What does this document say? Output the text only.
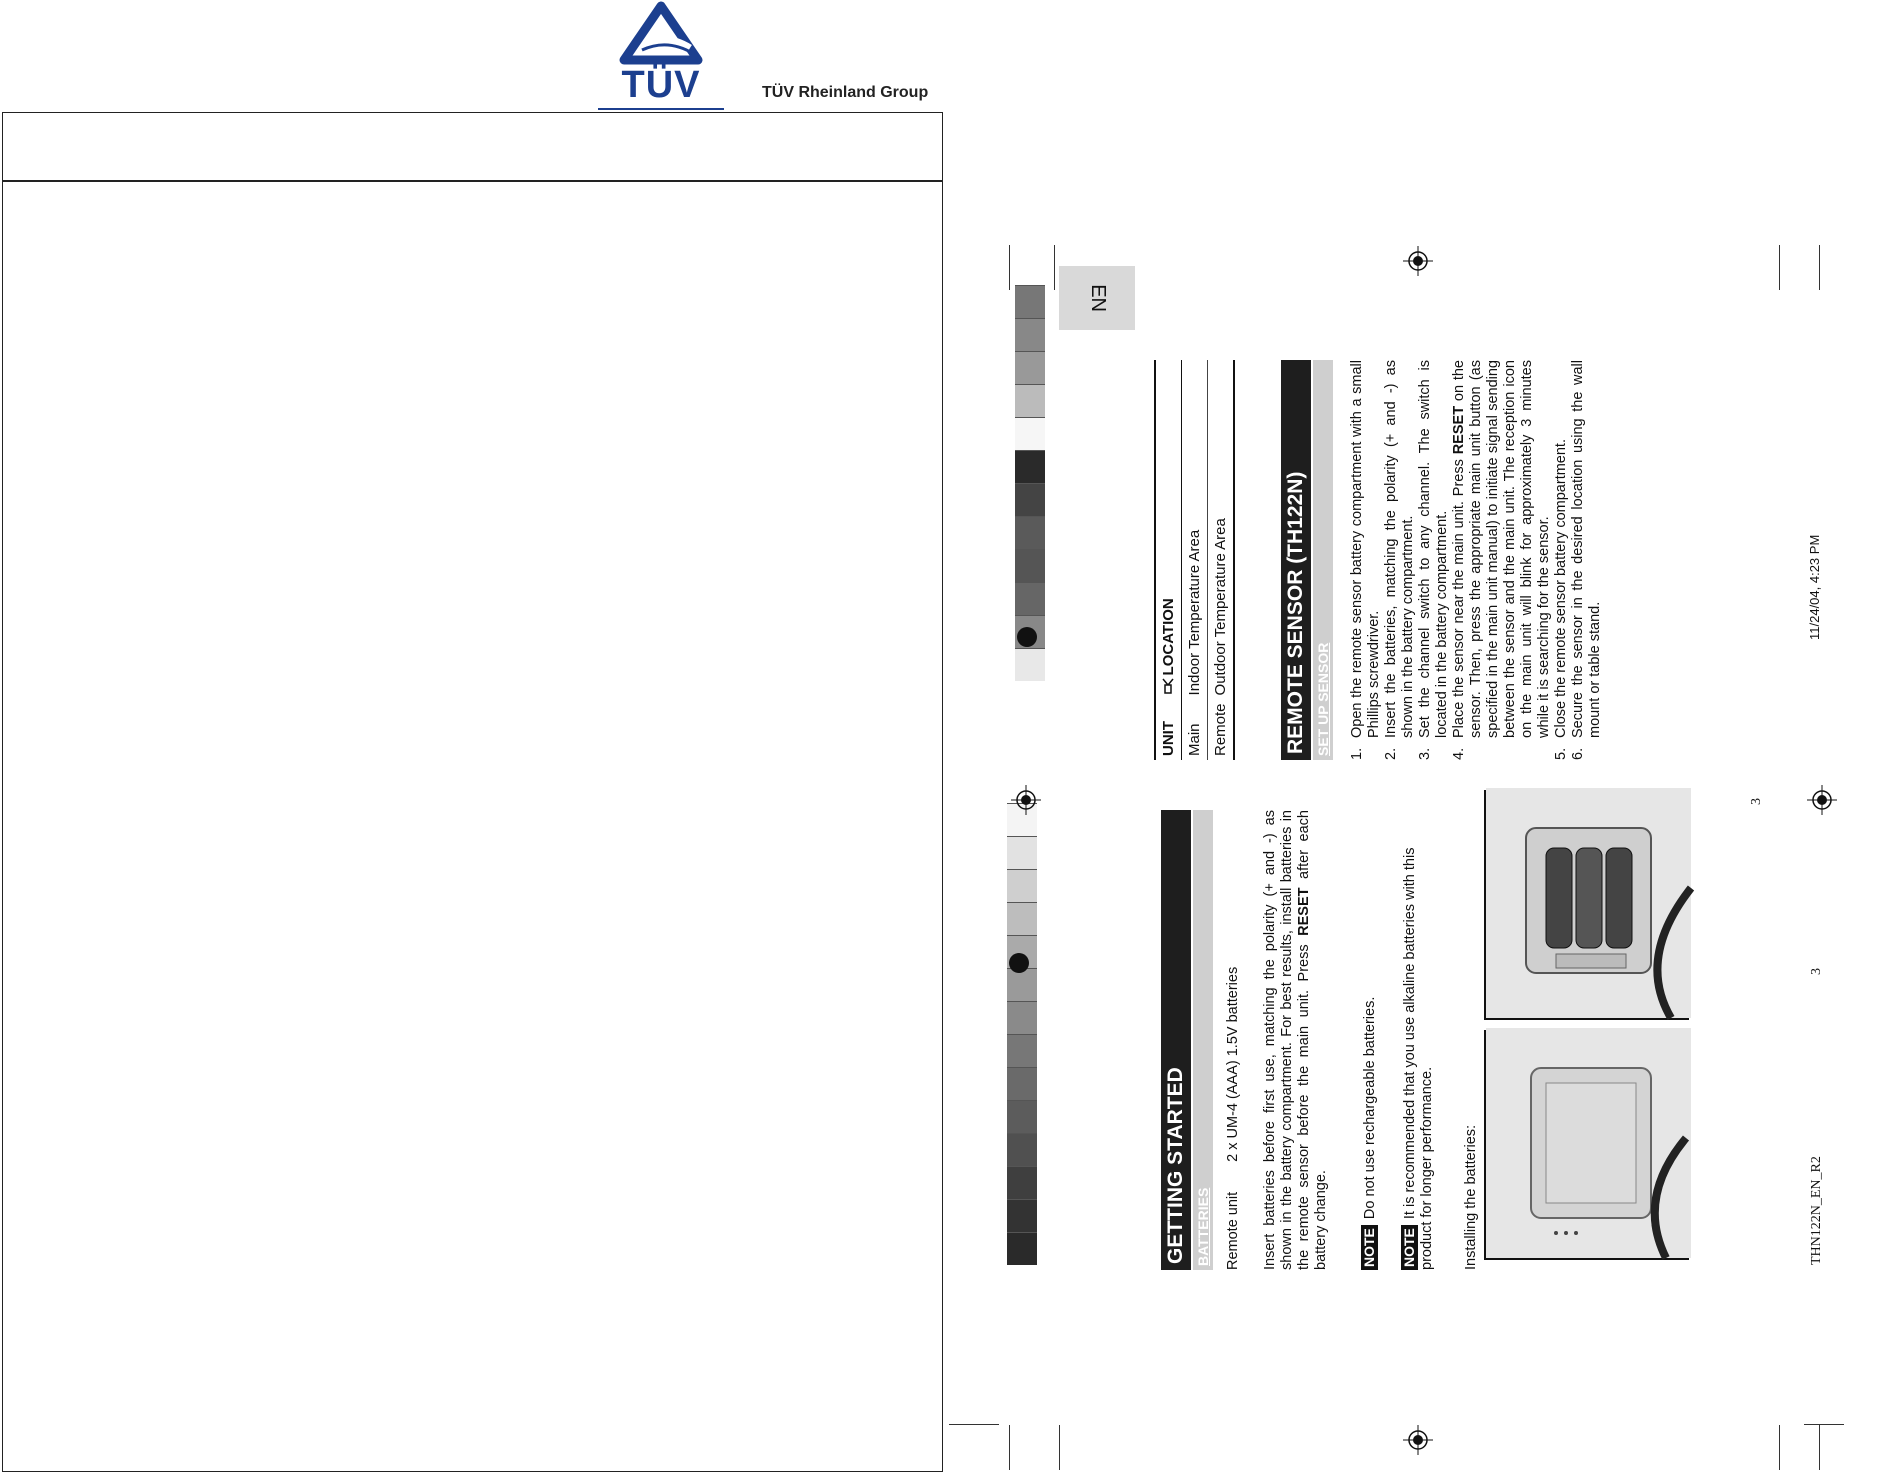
TÜV	TÜV Rheinland Group
EN
GETTING STARTED BATTERIES Remote unit2 x UM-4 (AAA) 1.5V batteries Insert batteries before first use, matching the polarity (+ and -) as shown in the battery compartment. For best results, install batteries in the remote sensor before the main unit. Press RESET after each battery change. NOTEDo not use rechargeable batteries.
NOTEIt is recommended that you use alkaline batteries with this product for longer performance. Installing the batteries:
UNIT	LOCATION
Main	Indoor Temperature Area
Remote	Outdoor Temperature Area	REMOTE SENSOR (TH122N) SET UP SENSOR 1.
Open the remote sensor battery compartment with a small Phillips screwdriver.
2.
Insert the batteries, matching the polarity (+ and -) as shown in the battery compartment.
3.
Set the channel switch to any channel. The switch is located in the battery compartment.
4.
Place the sensor near the main unit. Press RESET on the sensor. Then, press the appropriate main unit button (as specified in the main unit manual) to initiate signal sending between the sensor and the main unit. The reception icon on the main unit will blink for approximately 3 minutes while it is searching for the sensor.
5.
Close the remote sensor battery compartment.
6.
Secure the sensor in the desired location using the wall mount or table stand.
THN122N_EN_R2
3
3
11/24/04, 4:23 PM
